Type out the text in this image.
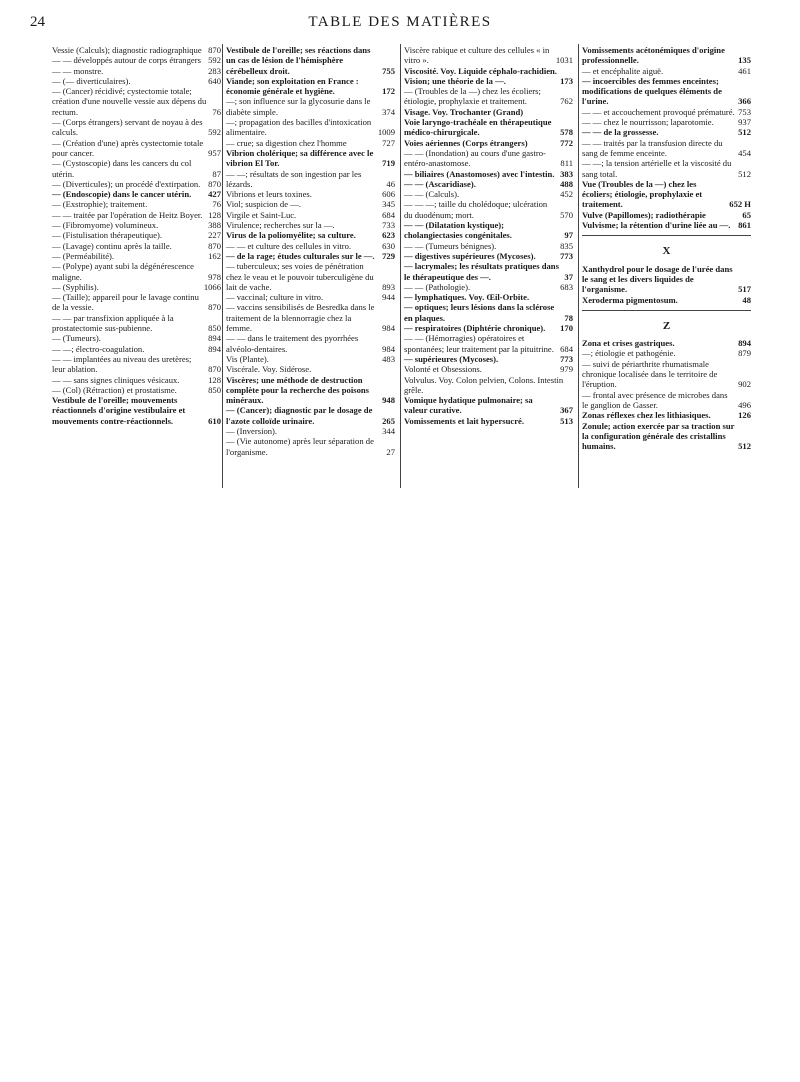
24	TABLE DES MATIÈRES
Vessie (Calculs); diagnostic radiographique 870
— — développés autour de corps étrangers 592
— — monstre.	283
— (— diverticulaires).	640
— (Cancer) récidivé; cystectomie totale; création d'une nouvelle vessie aux dépens du rectum.	76
— (Corps étrangers) servant de noyau à des calculs.	592
— (Création d'une) après cystectomie totale pour cancer.	957
— (Cystoscopie) dans les cancers du col utérin.	87
— (Diverticules); un procédé d'extirpation. 870
— (Endoscopie) dans le cancer utérin.	427
— (Exstrophie); traitement.	76
— — traitée par l'opération de Heitz Boyer. 128
— (Fibromyome) volumineux.	388
— (Fistulisation thérapeutique).	227
— (Lavage) continu après la taille.	870
— (Perméabilité).	162
— (Polype) ayant subi la dégénérescence maligne.	978
— (Syphilis).	1066
— (Taille); appareil pour le lavage continu de la vessie.	870
— — par transfixion appliquée à la prostatectomie sus-pubienne.	850
— (Tumeurs).	894
— —; électro-coagulation.	894
— — implantées au niveau des uretères; leur ablation.	870
— — sans signes cliniques vésicaux.	128
— (Col) (Rétraction) et prostatisme.	850
Vestibule de l'oreille; mouvements réactionnels d'origine vestibulaire et mouvements contre-réactionnels.	610
Vestibule de l'oreille; ses réactions dans un cas de lésion de l'hémisphère cérébelleux droit.	755
Viande; son exploitation en France : économie générale et hygiène.	172
—; son influence sur la glycosurie dans le diabète simple.	374
—; propagation des bacilles d'intoxication alimentaire.	1009
— crue; sa digestion chez l'homme	727
Vibrion cholérique; sa différence avec le vibrion El Tor.	719
— —; résultats de son ingestion par les lézards.	46
Vibrions et leurs toxines.	606
Viol; suspicion de —.	345
Virgile et Saint-Luc.	684
Virulence; recherches sur la —.	733
Virus de la poliomyélite; sa culture.	623
— — et culture des cellules in vitro.	630
— de la rage; études culturales sur le —. 729
— tuberculeux; ses voies de pénétration chez le veau et le pouvoir tuberculigène du lait de vache.	893
— vaccinal; culture in vitro.	944
— vaccins sensibilisés de Besredka dans le traitement de la blennorragie chez la femme.	984
— — dans le traitement des pyorrhées alvéolo-dentaires.	984
Vis (Plante).	483
Viscérale. Voy. Sidérose.
Viscères; une méthode de destruction complète pour la recherche des poisons minéraux.	948
— (Cancer); diagnostic par le dosage de l'azote colloïde urinaire.	265
— (Inversion).	344
— (Vie autonome) après leur séparation de l'organisme.	27
Viscère rabique et culture des cellules « in vitro ».	1031
Viscosité. Voy. Liquide céphalo-rachidien.
Vision; une théorie de la —.	173
— (Troubles de la —) chez les écoliers; étiologie, prophylaxie et traitement.	762
Visage. Voy. Trochanter (Grand)
Voie laryngo-trachéale en thérapeutique médico-chirurgicale.	578
Voies aériennes (Corps étrangers)	772
— — (Inondation) au cours d'une gastro-entéro-anastomose.	811
— biliaires (Anastomoses) avec l'intestin. 383
— — (Ascaridiase).	488
— — (Calculs).	452
— — —; taille du cholédoque; ulcération du duodénum; mort.	570
— — (Dilatation kystique); cholangiectasies congénitales.	97
— — (Tumeurs bénignes).	835
— digestives supérieures (Mycoses).	773
— lacrymales; les résultats pratiques dans le thérapeutique des —.	37
— — (Pathologie).	683
— lymphatiques. Voy. Œil-Orbite.
— optiques; leurs lésions dans la sclérose en plaques.	78
— respiratoires (Diphtérie chronique).	170
— — (Hémorragies) opératoires et spontanées; leur traitement par la pituitrine. 684
— supérieures (Mycoses).	773
Volonté et Obsessions.	979
Volvulus. Voy. Colon pelvien, Colons. Intestin grêle.
Vomique hydatique pulmonaire; sa valeur curative.	367
Vomissements et lait hypersucré.	513
Vomissements acétonémiques d'origine professionnelle.	135
— et encéphalite aiguë.	461
— incoercibles des femmes enceintes; modifications de quelques éléments de l'urine.	366
— — et accouchement provoqué prématuré. 753
— — chez le nourrisson; laparotomie.	937
— — de la grossesse.	512
— — traités par la transfusion directe du sang de femme enceinte.	454
— —; la tension artérielle et la viscosité du sang total.	512
Vue (Troubles de la —) chez les écoliers; étiologie, prophylaxie et traitement.	652 H
Vulve (Papillomes); radiothérapie	65
Vulvisme; la rétention d'urine liée au —. 861
X
Xanthydrol pour le dosage de l'urée dans le sang et les divers liquides de l'organisme.	517
Xeroderma pigmentosum.	48
Z
Zona et crises gastriques.	894
—; étiologie et pathogénie.	879
— suivi de périarthrite rhumatismale chronique localisée dans le territoire de l'éruption.	902
— frontal avec présence de microbes dans le ganglion de Gasser.	496
Zonas réflexes chez les lithiasiques.	126
Zonule; action exercée par sa traction sur la configuration générale des cristallins humains.	512
